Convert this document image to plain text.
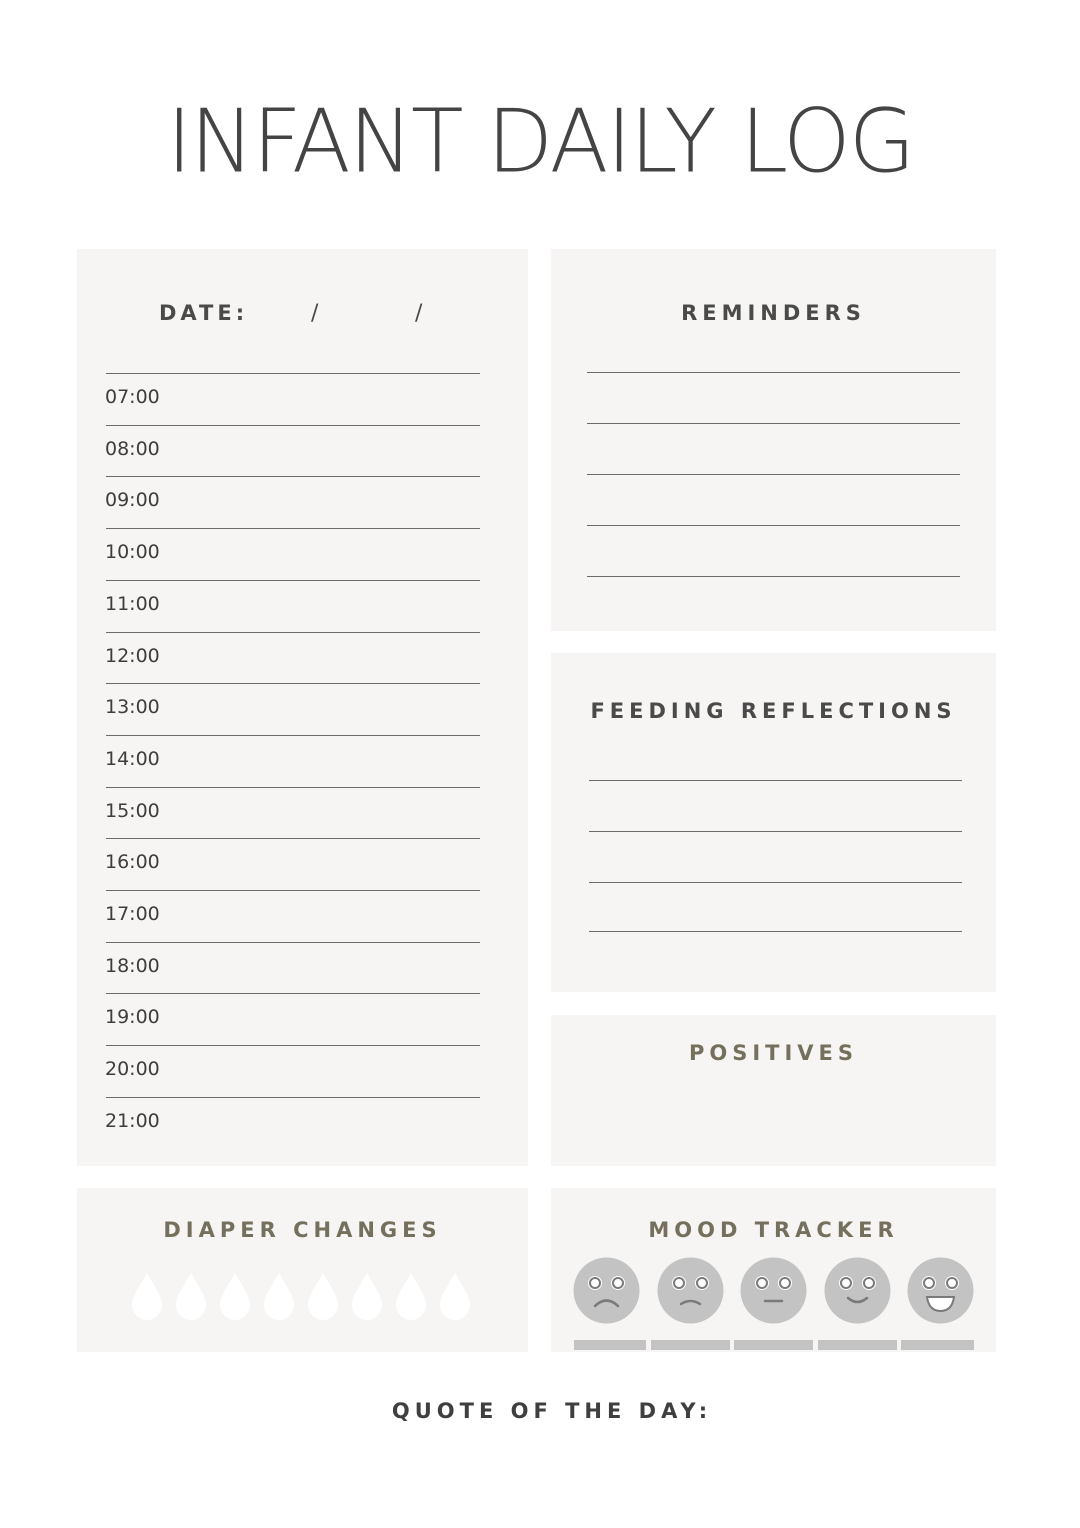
INFANT DAILY LOG
DATE:	/	/
07:00
08:00
09:00
10:00
11:00
12:00
13:00
14:00
15:00
16:00
17:00
18:00
19:00
20:00
21:00
REMINDERS
FEEDING REFLECTIONS
POSITIVES
DIAPER CHANGES	MOOD TRACKER
QUOTE OF THE DAY:
